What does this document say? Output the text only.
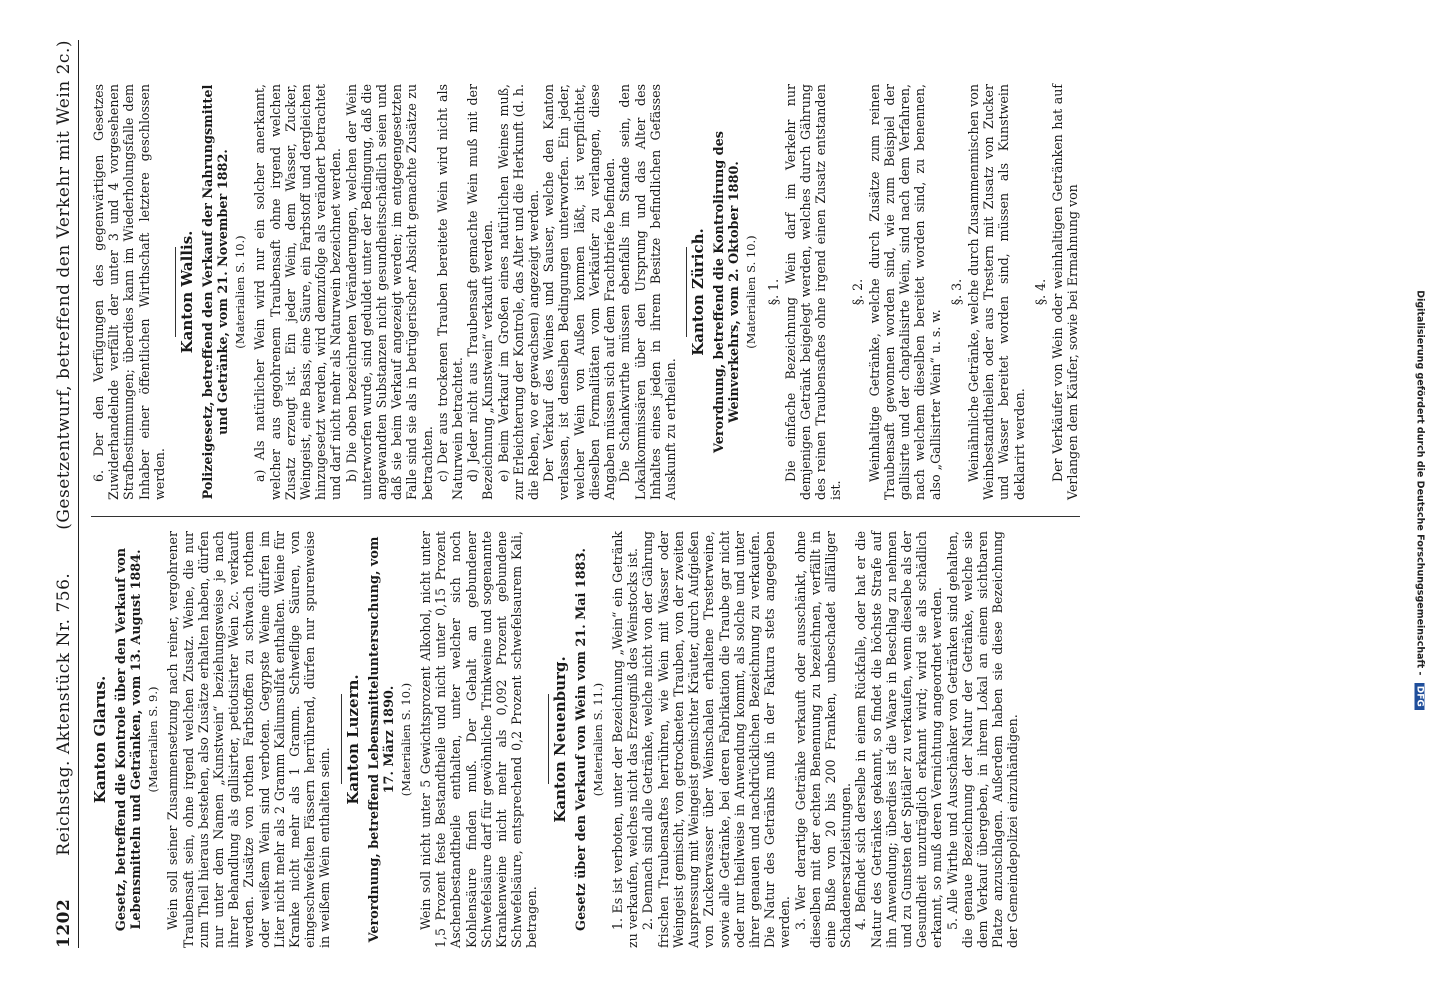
1202
Reichstag. Aktenstück Nr. 756.
(Gesetzentwurf, betreffend den Verkehr mit Wein 2c.)
Kanton Glarus. Gesetz, betreffend die Kontrole über den Verkauf von Lebensmitteln und Getränken, vom 13. August 1884. (Materialien S. 9.) Wein soll seiner Zusammensetzung nach reiner, vergohrener Traubensaft sein, ohne irgend welchen Zusatz. Weine, die nur zum Theil hieraus bestehen, also Zusätze erhalten haben, dürfen nur unter dem Namen „Kunstwein“ beziehungsweise je nach ihrer Behandlung als gallisirter, petiotisirter Wein 2c. verkauft werden. Zusätze von rothen Farbstoffen zu schwach rothem oder weißem Wein sind verboten. Gegypste Weine dürfen im Liter nicht mehr als 2 Gramm Kaliumsulfat enthalten. Weine für Kranke nicht mehr als 1 Gramm. Schweflige Säuren, von eingeschwefelten Fässern herrührend, dürfen nur spurenweise in weißem Wein enthalten sein.

Kanton Luzern. Verordnung, betreffend Lebensmitteluntersuchung, vom 17. März 1890. (Materialien S. 10.) Wein soll nicht unter 5 Gewichtsprozent Alkohol, nicht unter 1,5 Prozent feste Bestandtheile und nicht unter 0,15 Prozent Aschenbestandtheile enthalten, unter welcher sich noch Kohlensäure finden muß. Der Gehalt an gebundener Schwefelsäure darf für gewöhnliche Trinkweine und sogenannte Krankenweine nicht mehr als 0,092 Prozent gebundene Schwefelsäure, entsprechend 0,2 Prozent schwefelsaurem Kali, betragen.

Kanton Neuenburg. Gesetz über den Verkauf von Wein vom 21. Mai 1883. (Materialien S. 11.) 1. Es ist verboten, unter der Bezeichnung „Wein“ ein Getränk zu verkaufen, welches nicht das Erzeugniß des Weinstocks ist. 2. Dennach sind alle Getränke, welche nicht von der Gährung frischen Traubensaftes herrühren, wie Wein mit Wasser oder Weingeist gemischt, von getrockneten Trauben, von der zweiten Auspressung mit Weingeist gemischter Kräuter, durch Aufgießen von Zuckerwasser über Weinschalen erhaltene Tresterweine, sowie alle Getränke, bei deren Fabrikation die Traube gar nicht oder nur theilweise in Anwendung kommt, als solche und unter ihrer genauen und nachdrücklichen Bezeichnung zu verkaufen. Die Natur des Getränks muß in der Faktura stets angegeben werden. 3. Wer derartige Getränke verkauft oder ausschänkt, ohne dieselben mit der echten Benennung zu bezeichnen, verfällt in eine Buße von 20 bis 200 Franken, unbeschadet allfälliger Schadenersatzleistungen. 4. Befindet sich derselbe in einem Rückfalle, oder hat er die Natur des Getränkes gekannt, so findet die höchste Strafe auf ihn Anwendung; überdies ist die Waare in Beschlag zu nehmen und zu Gunsten der Spitäler zu verkaufen, wenn dieselbe als der Gesundheit unzuträglich erkannt wird; wird sie als schädlich erkannt, so muß deren Vernichtung angeordnet werden. 5. Alle Wirthe und Ausschänker von Getränken sind gehalten, die genaue Bezeichnung der Natur der Getränke, welche sie dem Verkauf übergeben, in ihrem Lokal an einem sichtbaren Platze anzuschlagen. Außerdem haben sie diese Bezeichnung der Gemeindepolizei einzuhändigen.

6. Der den Verfügungen des gegenwärtigen Gesetzes Zuwiderhandelnde verfällt der unter 3 und 4 vorgesehenen Strafbestimmungen; überdies kann im Wiederholungsfalle dem Inhaber einer öffentlichen Wirthschaft letztere geschlossen werden.

Kanton Wallis. Polizeigesetz, betreffend den Verkauf der Nahrungsmittel und Getränke, vom 21. November 1882. (Materialien S. 10.) a) Als natürlicher Wein wird nur ein solcher anerkannt, welcher aus gegohrenem Traubensaft ohne irgend welchen Zusatz erzeugt ist. Ein jeder Wein, dem Wasser, Zucker, Weingeist, eine Basis, eine Säure, ein Farbstoff und dergleichen hinzugesetzt werden, wird demzufolge als verändert betrachtet und darf nicht mehr als Naturwein bezeichnet werden. b) Die oben bezeichneten Veränderungen, welchen der Wein unterworfen wurde, sind geduldet unter der Bedingung, daß die angewandten Substanzen nicht gesundheitsschädlich seien und daß sie beim Verkauf angezeigt werden; im entgegengesetzten Falle sind sie als in betrügerischer Absicht gemachte Zusätze zu betrachten. c) Der aus trockenen Trauben bereitete Wein wird nicht als Naturwein betrachtet. d) Jeder nicht aus Traubensaft gemachte Wein muß mit der Bezeichnung „Kunstwein“ verkauft werden. e) Beim Verkauf im Großen eines natürlichen Weines muß, zur Erleichterung der Kontrole, das Alter und die Herkunft (d. h. die Reben, wo er gewachsen) angezeigt werden. Der Verkauf des Weines und Sauser, welche den Kanton verlassen, ist denselben Bedingungen unterworfen. Ein jeder, welcher Wein von Außen kommen läßt, ist verpflichtet, dieselben Formalitäten vom Verkäufer zu verlangen, diese Angaben müssen sich auf dem Frachtbriefe befinden. Die Schankwirthe müssen ebenfalls im Stande sein, den Lokalkommissären über den Ursprung und das Alter des Inhaltes eines jeden in ihrem Besitze befindlichen Gefässes Auskunft zu ertheilen.

Kanton Zürich. Verordnung, betreffend die Kontrolirung des Weinverkehrs, vom 2. Oktober 1880. (Materialien S. 10.) §. 1. Die einfache Bezeichnung Wein darf im Verkehr nur demjenigen Getränk beigelegt werden, welches durch Gährung des reinen Traubensaftes ohne irgend einen Zusatz entstanden ist.

§. 2. Weinhaltige Getränke, welche durch Zusätze zum reinen Traubensaft gewonnen worden sind, wie zum Beispiel der gallisirte und der chaptalisirte Wein, sind nach dem Verfahren, nach welchem dieselben bereitet worden sind, zu benennen, also „Gallisirter Wein“ u. s. w.

§. 3. Weinähnliche Getränke, welche durch Zusammenmischen von Weinbestandtheilen oder aus Trestern mit Zusatz von Zucker und Wasser bereitet worden sind, müssen als Kunstwein deklarirt werden.

§. 4. Der Verkäufer von Wein oder weinhaltigen Getränken hat auf Verlangen dem Käufer, sowie bei Ermahnung von	Digitalisierung gefördert durch die Deutsche Forschungsgemeinschaft - DFG
